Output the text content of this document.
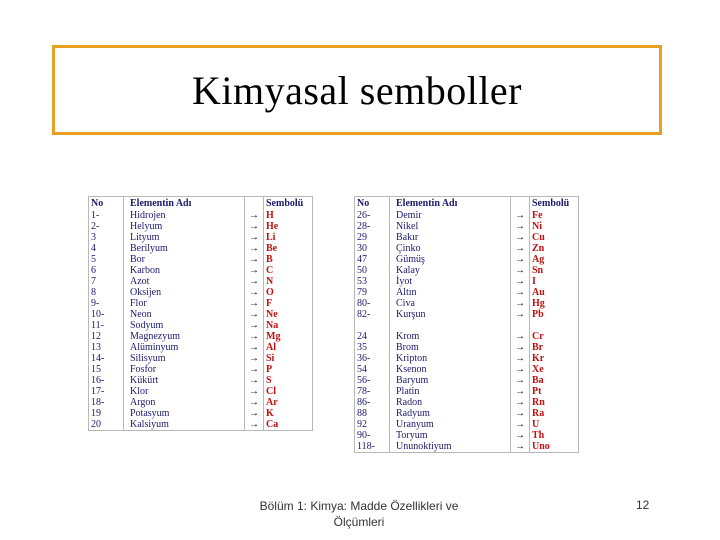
Kimyasal semboller
No	Elementin Adı		Sembolü
1-	Hidrojen	→	H
2-	Helyum	→	He
3	Lityum	→	Li
4	Berilyum	→	Be
5	Bor	→	B
6	Karbon	→	C
7	Azot	→	N
8	Oksijen	→	O
9-	Flor	→	F
10-	Neon	→	Ne
11-	Sodyum	→	Na
12	Magnezyum	→	Mg
13	Alüminyum	→	Al
14-	Silisyum	→	Si
15	Fosfor	→	P
16-	Kükürt	→	S
17-	Klor	→	Cl
18-	Argon	→	Ar
19	Potasyum	→	K
20	Kalsiyum	→	Ca
No	Elementin Adı		Sembolü
26-	Demir	→	Fe
28-	Nikel	→	Ni
29	Bakır	→	Cu
30	Çinko	→	Zn
47	Gümüş	→	Ag
50	Kalay	→	Sn
53	İyot	→	I
79	Altın	→	Au
80-	Civa	→	Hg
82-	Kurşun	→	Pb

24	Krom	→	Cr
35	Brom	→	Br
36-	Kripton	→	Kr
54	Ksenon	→	Xe
56-	Baryum	→	Ba
78-	Platin	→	Pt
86-	Radon	→	Rn
88	Radyum	→	Ra
92	Uranyum	→	U
90-	Toryum	→	Th
118-	Ununoktiyum	→	Uno
Bölüm 1: Kimya: Madde Özellikleri ve Ölçümleri
12
